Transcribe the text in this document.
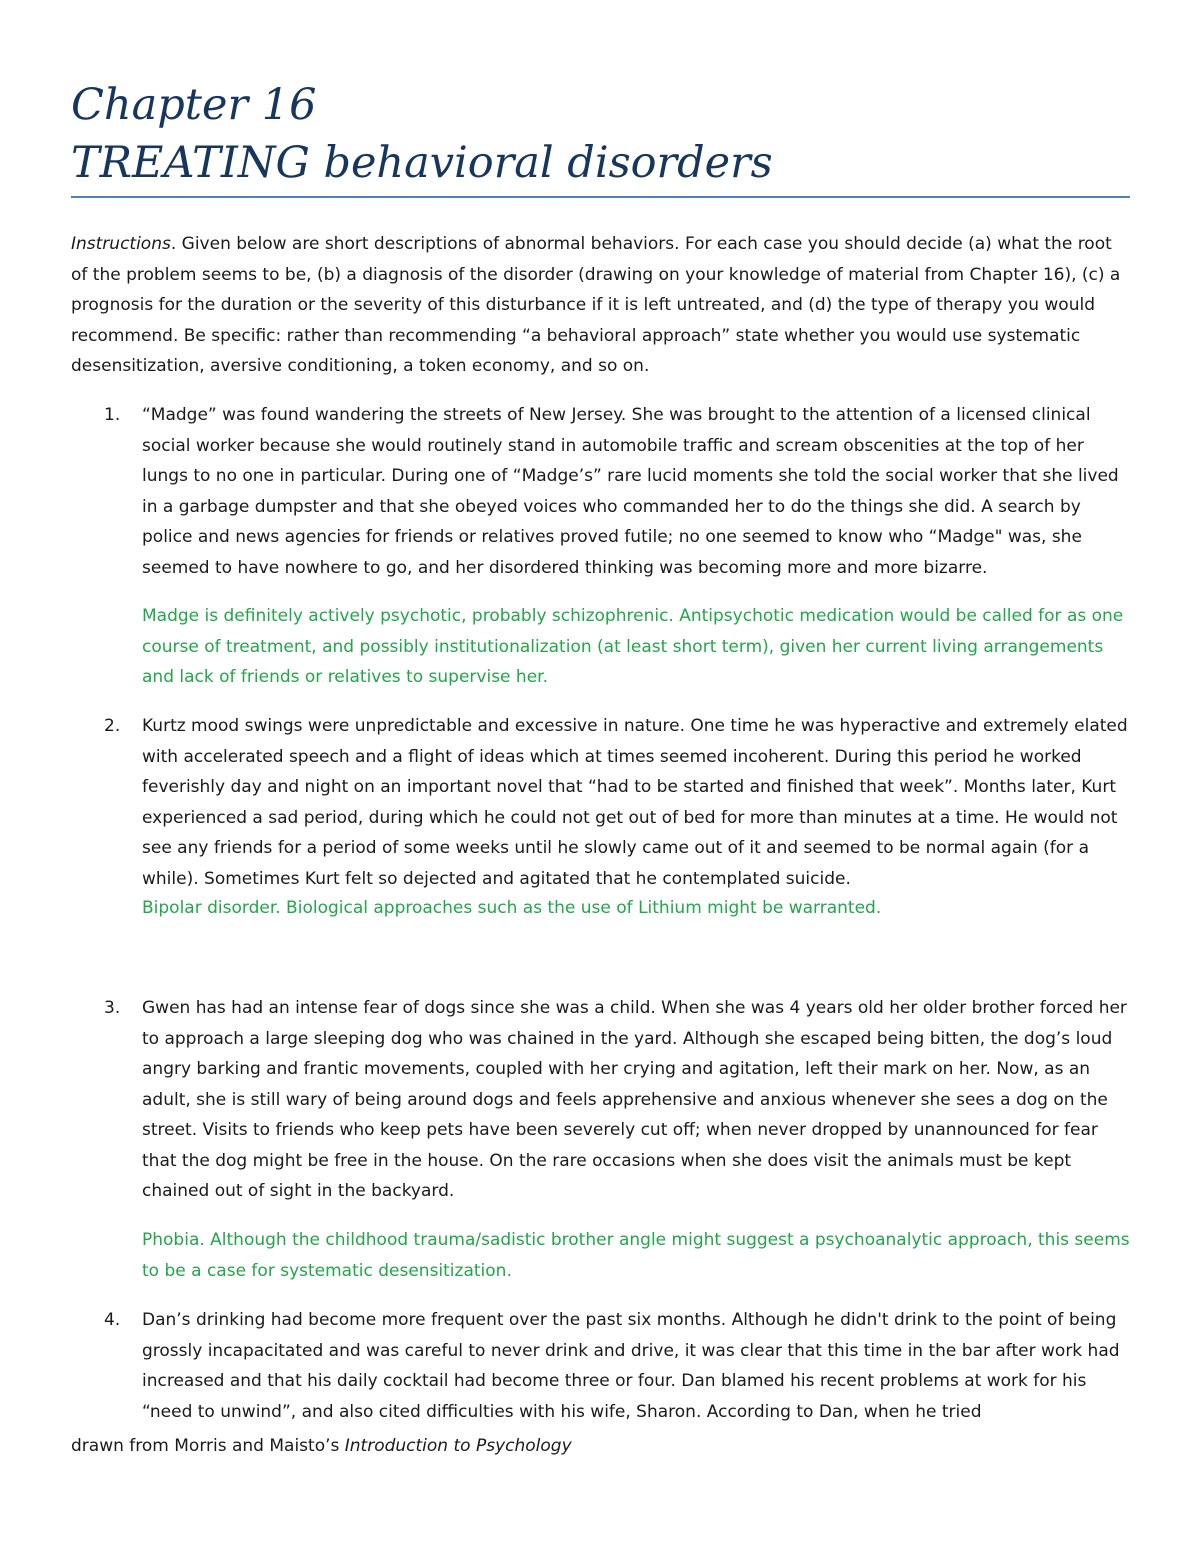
Chapter 16

TREATING behavioral disorders

Instructions. Given below are short descriptions of abnormal behaviors. For each case you should decide (a) what the root of the problem seems to be, (b) a diagnosis of the disorder (drawing on your knowledge of material from Chapter 16), (c) a prognosis for the duration or the severity of this disturbance if it is left untreated, and (d) the type of therapy you would recommend. Be specific: rather than recommending “a behavioral approach” state whether you would use systematic desensitization, aversive conditioning, a token economy, and so on.
1.	“Madge” was found wandering the streets of New Jersey. She was brought to the attention of a licensed clinical social worker because she would routinely stand in automobile traffic and scream obscenities at the top of her lungs to no one in particular. During one of “Madge’s” rare lucid moments she told the social worker that she lived in a garbage dumpster and that she obeyed voices who commanded her to do the things she did. A search by police and news agencies for friends or relatives proved futile; no one seemed to know who “Madge" was, she seemed to have nowhere to go, and her disordered thinking was becoming more and more bizarre.
Madge is definitely actively psychotic, probably schizophrenic. Antipsychotic medication would be called for as one course of treatment, and possibly institutionalization (at least short term), given her current living arrangements and lack of friends or relatives to supervise her.
2.	Kurtz mood swings were unpredictable and excessive in nature. One time he was hyperactive and extremely elated with accelerated speech and a flight of ideas which at times seemed incoherent. During this period he worked feverishly day and night on an important novel that “had to be started and finished that week”. Months later, Kurt experienced a sad period, during which he could not get out of bed for more than minutes at a time. He would not see any friends for a period of some weeks until he slowly came out of it and seemed to be normal again (for a while). Sometimes Kurt felt so dejected and agitated that he contemplated suicide.
Bipolar disorder. Biological approaches such as the use of Lithium might be warranted.
3.	Gwen has had an intense fear of dogs since she was a child. When she was 4 years old her older brother forced her to approach a large sleeping dog who was chained in the yard. Although she escaped being bitten, the dog’s loud angry barking and frantic movements, coupled with her crying and agitation, left their mark on her. Now, as an adult, she is still wary of being around dogs and feels apprehensive and anxious whenever she sees a dog on the street. Visits to friends who keep pets have been severely cut off; when never dropped by unannounced for fear that the dog might be free in the house. On the rare occasions when she does visit the animals must be kept chained out of sight in the backyard.
Phobia. Although the childhood trauma/sadistic brother angle might suggest a psychoanalytic approach, this seems to be a case for systematic desensitization.
4.	Dan’s drinking had become more frequent over the past six months. Although he didn't drink to the point of being grossly incapacitated and was careful to never drink and drive, it was clear that this time in the bar after work had increased and that his daily cocktail had become three or four. Dan blamed his recent problems at work for his “need to unwind”, and also cited difficulties with his wife, Sharon. According to Dan, when he tried
drawn from Morris and Maisto’s Introduction to Psychology
